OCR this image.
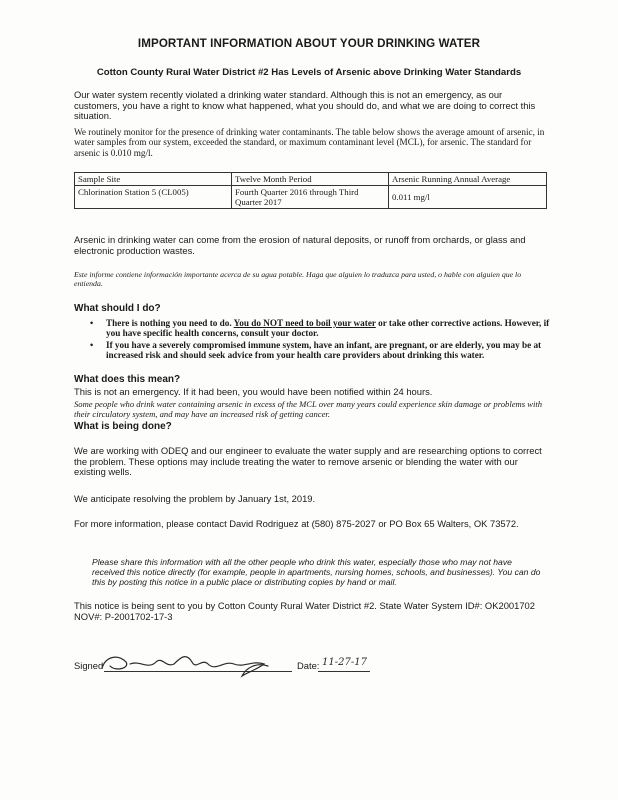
IMPORTANT INFORMATION ABOUT YOUR DRINKING WATER
Cotton County Rural Water District #2 Has Levels of Arsenic above Drinking Water Standards
Our water system recently violated a drinking water standard. Although this is not an emergency, as our customers, you have a right to know what happened, what you should do, and what we are doing to correct this situation.
We routinely monitor for the presence of drinking water contaminants. The table below shows the average amount of arsenic, in water samples from our system, exceeded the standard, or maximum contaminant level (MCL), for arsenic. The standard for arsenic is 0.010 mg/l.
Sample Site	Twelve Month Period	Arsenic Running Annual Average
Chlorination Station 5 (CL005)	Fourth Quarter 2016 through Third Quarter 2017	0.011 mg/l
Arsenic in drinking water can come from the erosion of natural deposits, or runoff from orchards, or glass and electronic production wastes.
Este informe contiene información importante acerca de su agua potable. Haga que alguien lo traduzca para usted, o hable con alguien que lo entienda.
What should I do?
• There is nothing you need to do. You do NOT need to boil your water or take other corrective actions. However, if you have specific health concerns, consult your doctor.
• If you have a severely compromised immune system, have an infant, are pregnant, or are elderly, you may be at increased risk and should seek advice from your health care providers about drinking this water.
What does this mean?
This is not an emergency. If it had been, you would have been notified within 24 hours.
Some people who drink water containing arsenic in excess of the MCL over many years could experience skin damage or problems with their circulatory system, and may have an increased risk of getting cancer.
What is being done?
We are working with ODEQ and our engineer to evaluate the water supply and are researching options to correct the problem. These options may include treating the water to remove arsenic or blending the water with our existing wells.
We anticipate resolving the problem by January 1st, 2019.
For more information, please contact David Rodriguez at (580) 875-2027 or PO Box 65 Walters, OK 73572.
Please share this information with all the other people who drink this water, especially those who may not have received this notice directly (for example, people in apartments, nursing homes, schools, and businesses). You can do this by posting this notice in a public place or distributing copies by hand or mail.
This notice is being sent to you by Cotton County Rural Water District #2. State Water System ID#: OK2001702 NOV#: P-2001702-17-3
Signed	Date: 11-27-17
